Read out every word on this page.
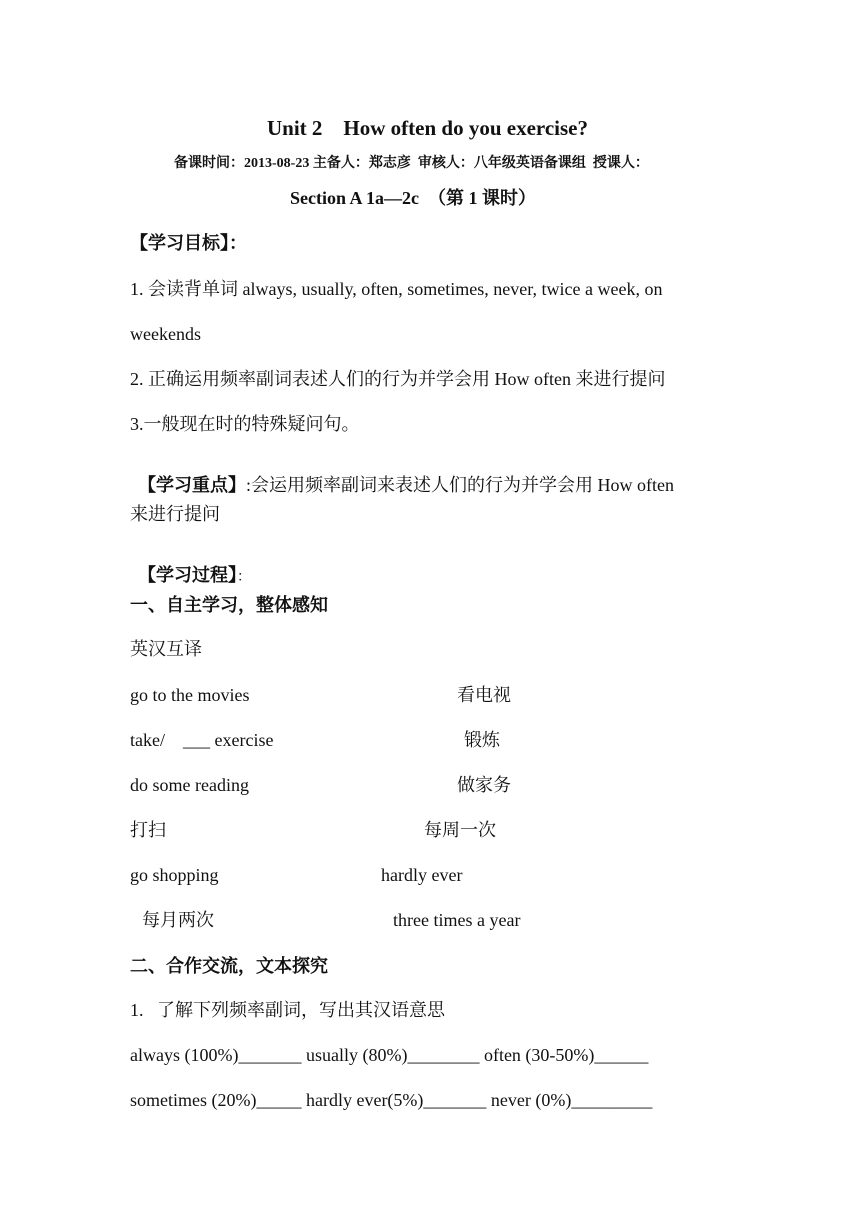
Unit 2    How often do you exercise?
备课时间：2013-08-23 主备人：郑志彦  审核人：八年级英语备课组  授课人：
Section A 1a—2c  （第 1 课时）
【学习目标】：
1. 会读背单词 always, usually, often, sometimes, never, twice a week, on
weekends
2. 正确运用频率副词表述人们的行为并学会用 How often 来进行提问
3.一般现在时的特殊疑问句。

【学习重点】:会运用频率副词来表述人们的行为并学会用 How often

来进行提问

【学习过程】：

一、自主学习，整体感知
英汉互译
go to the movies	看电视
take/    ___ exercise	锻炼
do some reading	做家务
打扫	每周一次
go shopping	hardly ever
每月两次	three times a year
二、合作交流，文本探究
1.   了解下列频率副词，写出其汉语意思
always (100%)_______ usually (80%)________ often (30-50%)______
sometimes (20%)_____ hardly ever(5%)_______ never (0%)_________
